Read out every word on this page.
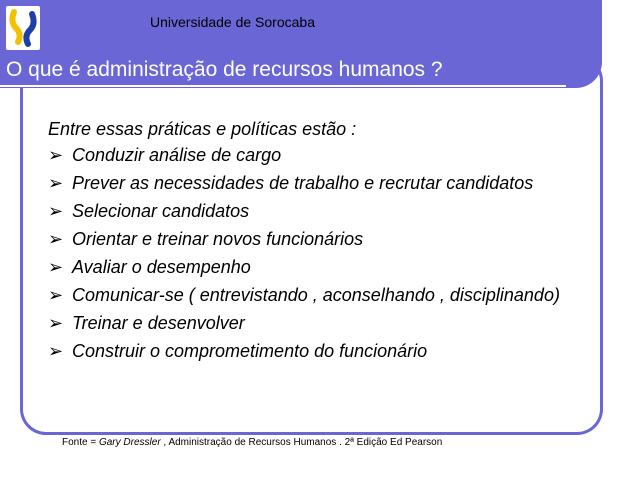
Universidade de Sorocaba
O que é administração de recursos humanos ?

Entre essas práticas e políticas estão :

➢ Conduzir análise de cargo
➢ Prever as necessidades de trabalho e recrutar candidatos
➢ Selecionar candidatos
➢ Orientar e treinar novos funcionários
➢ Avaliar o desempenho
➢ Comunicar-se ( entrevistando , aconselhando , disciplinando)
➢ Treinar e desenvolver
➢ Construir o comprometimento do funcionário
Fonte = Gary Dressler , Administração de Recursos Humanos . 2ª Edição Ed Pearson
